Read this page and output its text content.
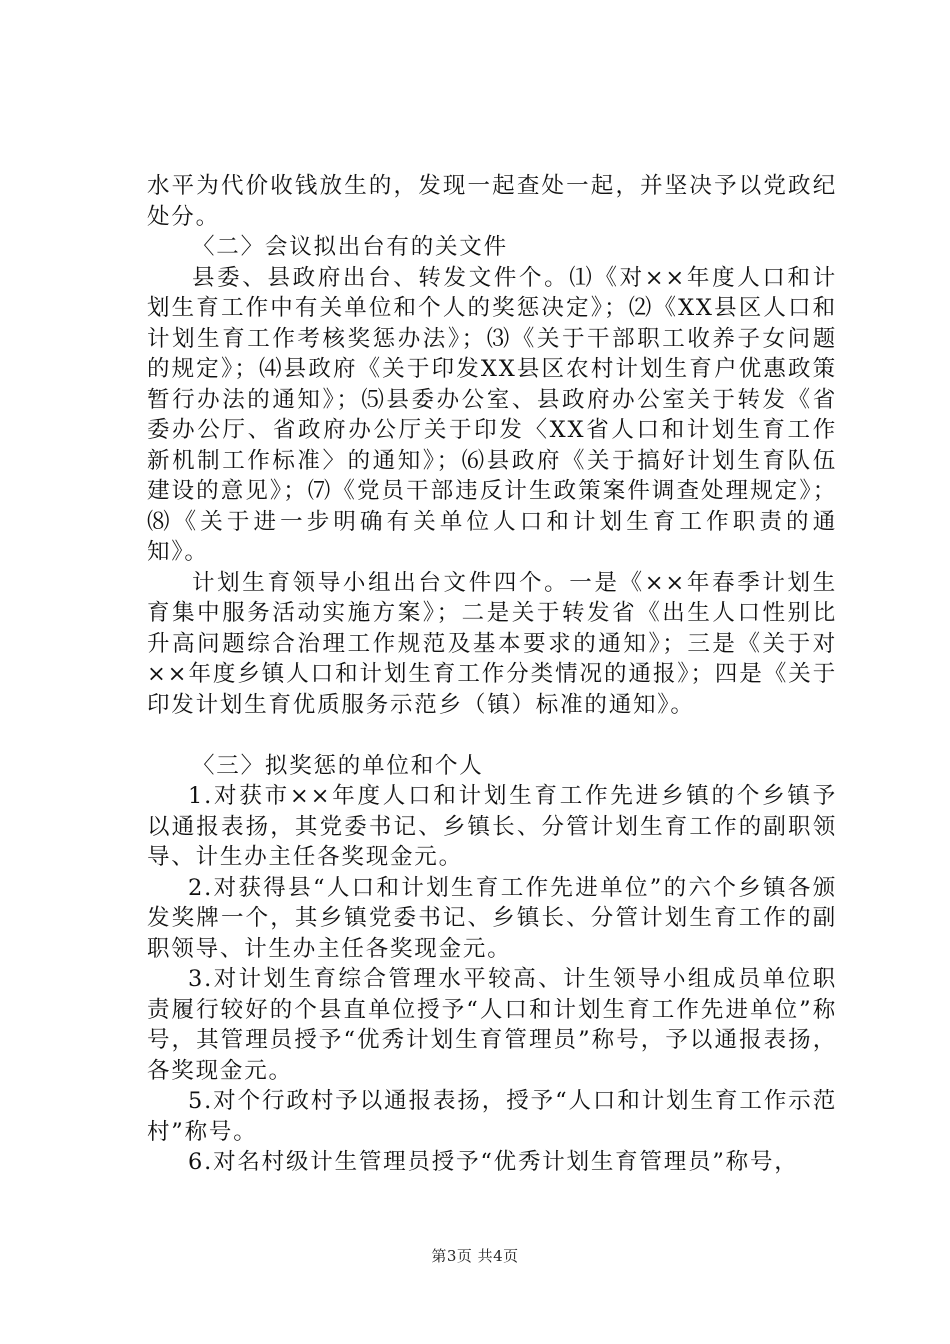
水平为代价收钱放生的，发现一起查处一起，并坚决予以党政纪处分。

〈二〉会议拟出台有的关文件

县委、县政府出台、转发文件个。⑴《对××年度人口和计划生育工作中有关单位和个人的奖惩决定》；⑵《XX县区人口和计划生育工作考核奖惩办法》；⑶《关于干部职工收养子女问题的规定》；⑷县政府《关于印发XX县区农村计划生育户优惠政策暂行办法的通知》；⑸县委办公室、县政府办公室关于转发《省委办公厅、省政府办公厅关于印发〈XX省人口和计划生育工作新机制工作标准〉的通知》；⑹县政府《关于搞好计划生育队伍建设的意见》；⑺《党员干部违反计生政策案件调查处理规定》；⑻《关于进一步明确有关单位人口和计划生育工作职责的通知》。

计划生育领导小组出台文件四个。一是《××年春季计划生育集中服务活动实施方案》；二是关于转发省《出生人口性别比升高问题综合治理工作规范及基本要求的通知》；三是《关于对××年度乡镇人口和计划生育工作分类情况的通报》；四是《关于印发计划生育优质服务示范乡（镇）标准的通知》。

〈三〉拟奖惩的单位和个人

1.对获市××年度人口和计划生育工作先进乡镇的个乡镇予以通报表扬，其党委书记、乡镇长、分管计划生育工作的副职领导、计生办主任各奖现金元。

2.对获得县“人口和计划生育工作先进单位”的六个乡镇各颁发奖牌一个，其乡镇党委书记、乡镇长、分管计划生育工作的副职领导、计生办主任各奖现金元。

3.对计划生育综合管理水平较高、计生领导小组成员单位职责履行较好的个县直单位授予“人口和计划生育工作先进单位”称号，其管理员授予“优秀计划生育管理员”称号，予以通报表扬，各奖现金元。

5.对个行政村予以通报表扬，授予“人口和计划生育工作示范村”称号。

6.对名村级计生管理员授予“优秀计划生育管理员”称号，

第3页 共4页
